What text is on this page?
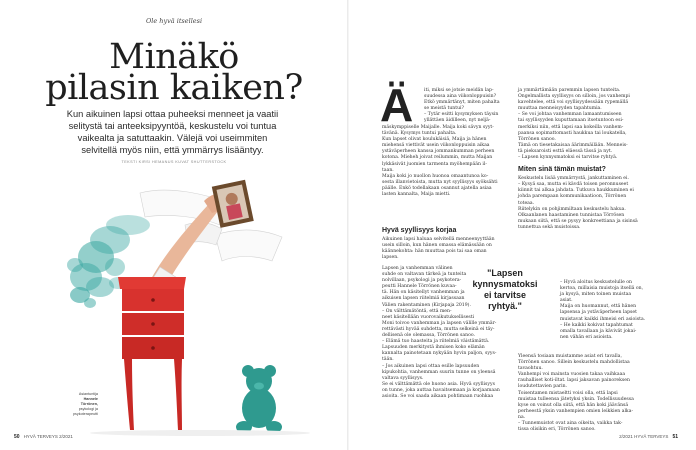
Ole hyvä itsellesi
Minäkö
pilasin kaiken?
Kun aikuinen lapsi ottaa puheeksi menneet ja vaatii
selitystä tai anteeksipyyntöä, keskustelu voi tuntua
vaikealta ja satuttaakin. Välejä voi useimmiten
selvitellä myös niin, että ymmärrys lisääntyy.
TEKSTI KIRSI HEMANUS KUVAT SHUTTERSTOCK
Asiantuntija
Hannele
Törrönen,
psykologi ja
psykoterapeutti
50 HYVÄ TERVEYS 2/2021
Ä iti, miksi se jotsie meidän lap-
suudessa aina viikonloppuisin?
Etkö ymmärtänyt, miten pahalta
se meistä tuntui?
– Tytär esitti kysymyksen täysin
yllättäen äidilleen, nyt neljä-
mäskymppiselle Maijalle. Maija koki sävyn syyt-
tävänä. Kysymys tuntui pahalta.
Kun lapset olivat koulukäisiä, Maija ja hänen
miehensä viettivät usein viikonloppuisin aikaa
ystäväperheen kanssa jommankumman perheen
kotona. Mieheh joivat reilummin, mutta Maijan
lykkäsivät juomien tarmenta myöhempään il-
taan.
Maija koki jo nuollon huonoa omaantunoa ko-
sesta illanvietoista, mutta nyt syyllisyys syöksähti
päälle. Enkö todellakaan osannut ajatella asiaa
lasten kannalta, Maija mietti.
Hyvä syyllisyys korjaa
Aikuinen lapsi haluaa selvitellä menneenyyttään
usein silloin, kun hänen omassa elämässään on
käännekohta: hän muuttaa pois tai saa oman
lapsen.
Lapsen ja vanhemman välinen
suhde on valtavan tärkeä ja tunteita
nolvillaan, psykologi ja psykotera-
peutti Hannele Törrönen kuvaa-
tä. Hän on käsitellyt vanhemman ja
aikuisen lapsen riitelmiä kirjassaan
Välien rakentaminen (Kirjapaja 2019).
– On välttämätöntä, että men-
neet käsitellään vuorovaikutuksellisesti
Moni toivoo vanhemman ja lapsen välille ymmär-
rettävästi hyvää suhdetta, mutta selkeinä ei täy-
dellisenä ole olemassa, Törrönen sanoo.
– Elämä tuo haasteita ja riitelmiä väistämättä.
Lapsuuden merkitystä ihmisen koko elämän
kannalta painotetaan nykyään hyvin paljon, syys-
tään.
– Jos aikuinen lapsi ottaa esille lapsuuden
kipukohtia, vanhemman suurin tunne on yleensä
valtava syyllisyys.
Se ei välttämättä ole huono asia. Hyvä syyllisyys
on tunne, joka auttaa havaitsemaan ja korjaamaan
asioita. Se voi saada aikaan pohtimaan ruohkaa
"Lapsen
kynnysmatoksi
ei tarvitse
ryhtyä."
ja ymmärtämään paremmin lapsen tunteita.
Ongelmallista syyllisyys on silloin, jos vanhempi
kavehtelee, että voi syyllisyydessään rypemällä
muuttaa menneisyyden tapahtumia.
– Se voi johtaa vanhemman lamaantumiseen
tai syyllisyyden kuputtamaan itsetuntoon esi-
merkiksi niin, että lapsi saa kokeilla vanhem-
paansa sopimattomasti haukkua tai loukatella,
Törrönen sanoo.
Tämä on tiesetakaisaa äärimmäilään. Menneis-
tä pieksaroisti esttä eläessä tässä ja nyt.
– Lapsen kynnysmatoksi ei tarvitse ryhtyä.
Miten sinä tämän muistat?
Keskustelu lisää ymmärrystä, jankuttaminen ei.
– Kysyä saa, mutta ei kävdä toisen peronnuseet
kiinnit tai alkaa jahdata. Tutkuva haukkuminen ei
johda parempaan kommunikaatioon, Törrönen
toteaa.
Riitelykin on pohjimmiltaan keskustelu hakua.
Olkaanlanen haastaminen tunnistaa Törrösen
mukaan siitä, että se pysyy konkreettiana ja sisinsä
tunnettua sekä muistoissa.
– Hyvä aloitus keskustelulle on
kertoa, millaisia muistoja itsellä on,
ja kysyä, miten toinen muistaa
asiat.
Maija on huomannut, että hänen
lapsensa ja ystäväperheen lapset
muistavat kaikki ihmeisi eri asioista.
– He kaikki kokivat tapahtumat
omalla tavallaan ja kävivät jokai-
nen vähän eri asioista.
Yleensä tosiaan muistamme asiat eri tavalla,
Törrönen sanoo. Sillein keskustelu mahdollistaa
tavaohtuu.
Vanhempi voi mainsta vuosien takaa vaihkaaa
rauhalliset koti-iltat. lapsi jaksavan painoreksen
loudutettavien parin.
Toisentamen mistaeltti voisi olla, että lapsi
muistaa tulleensa jätetyksi yksin. Todellisuudessa
kyse on voinut olla siitä, että hän koki jäävänsä
perheestä yksin vanhempien omien leikkien alka-
na.
– Tunnemuistot ovat aina oikeita, vaikka tak-
tissa olisikin eri, Törrönen sanoo.
2/2021 HYVÄ TERVEYS 51
